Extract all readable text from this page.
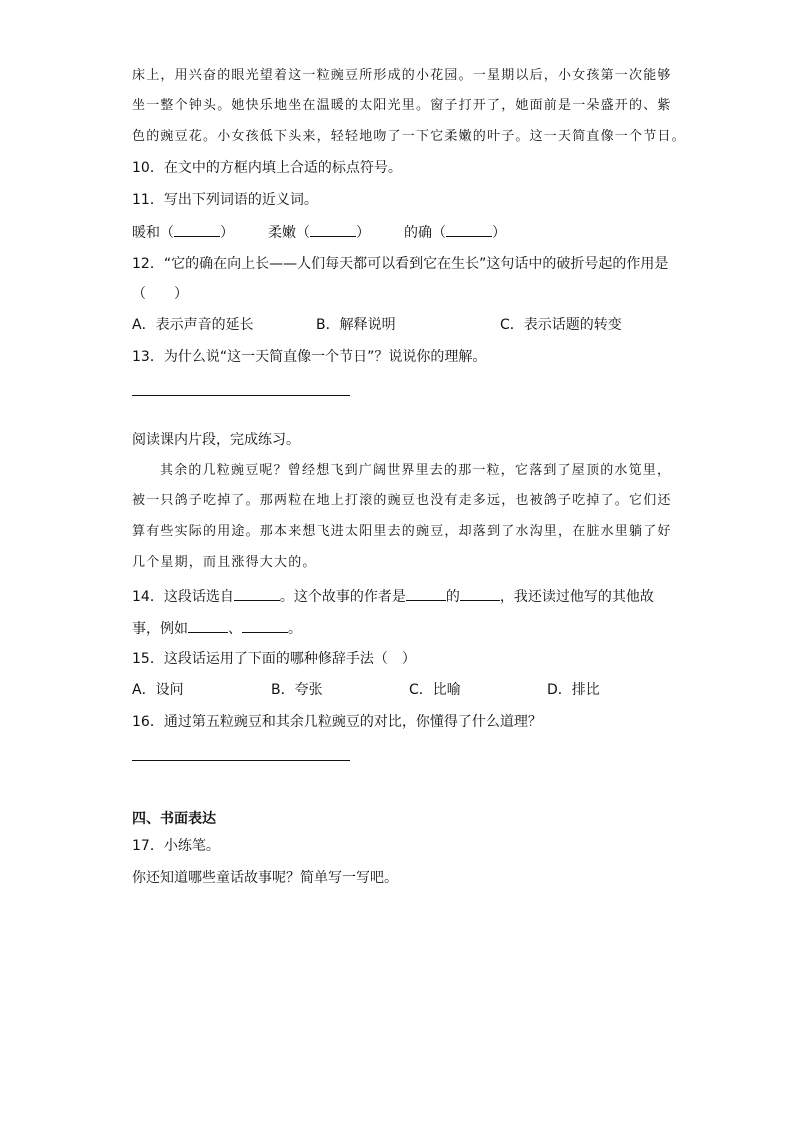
床上，用兴奋的眼光望着这一粒豌豆所形成的小花园。一星期以后，小女孩第一次能够
坐一整个钟头。她快乐地坐在温暖的太阳光里。窗子打开了，她面前是一朵盛开的、紫
色的豌豆花。小女孩低下头来，轻轻地吻了一下它柔嫩的叶子。这一天简直像一个节日。
10．在文中的方框内填上合适的标点符号。
11．写出下列词语的近义词。
暖和（	） 柔嫩（	） 的确（	）
12．“它的确在向上长——人们每天都可以看到它在生长”这句话中的破折号起的作用是
（　　）
A．表示声音的延长	B．解释说明	C．表示话题的转变
13．为什么说“这一天简直像一个节日”？说说你的理解。
阅读课内片段，完成练习。
其余的几粒豌豆呢？曾经想飞到广阔世界里去的那一粒，它落到了屋顶的水笕里，
被一只鸽子吃掉了。那两粒在地上打滚的豌豆也没有走多远，也被鸽子吃掉了。它们还
算有些实际的用途。那本来想飞进太阳里去的豌豆，却落到了水沟里，在脏水里躺了好
几个星期，而且涨得大大的。
14．这段话选自	。这个故事的作者是	的	，我还读过他写的其他故
事，例如	、	。
15．这段话运用了下面的哪种修辞手法（　）
A．设问	B．夸张	C．比喻	D．排比
16．通过第五粒豌豆和其余几粒豌豆的对比，你懂得了什么道理？
四、书面表达
17．小练笔。
你还知道哪些童话故事呢？简单写一写吧。
